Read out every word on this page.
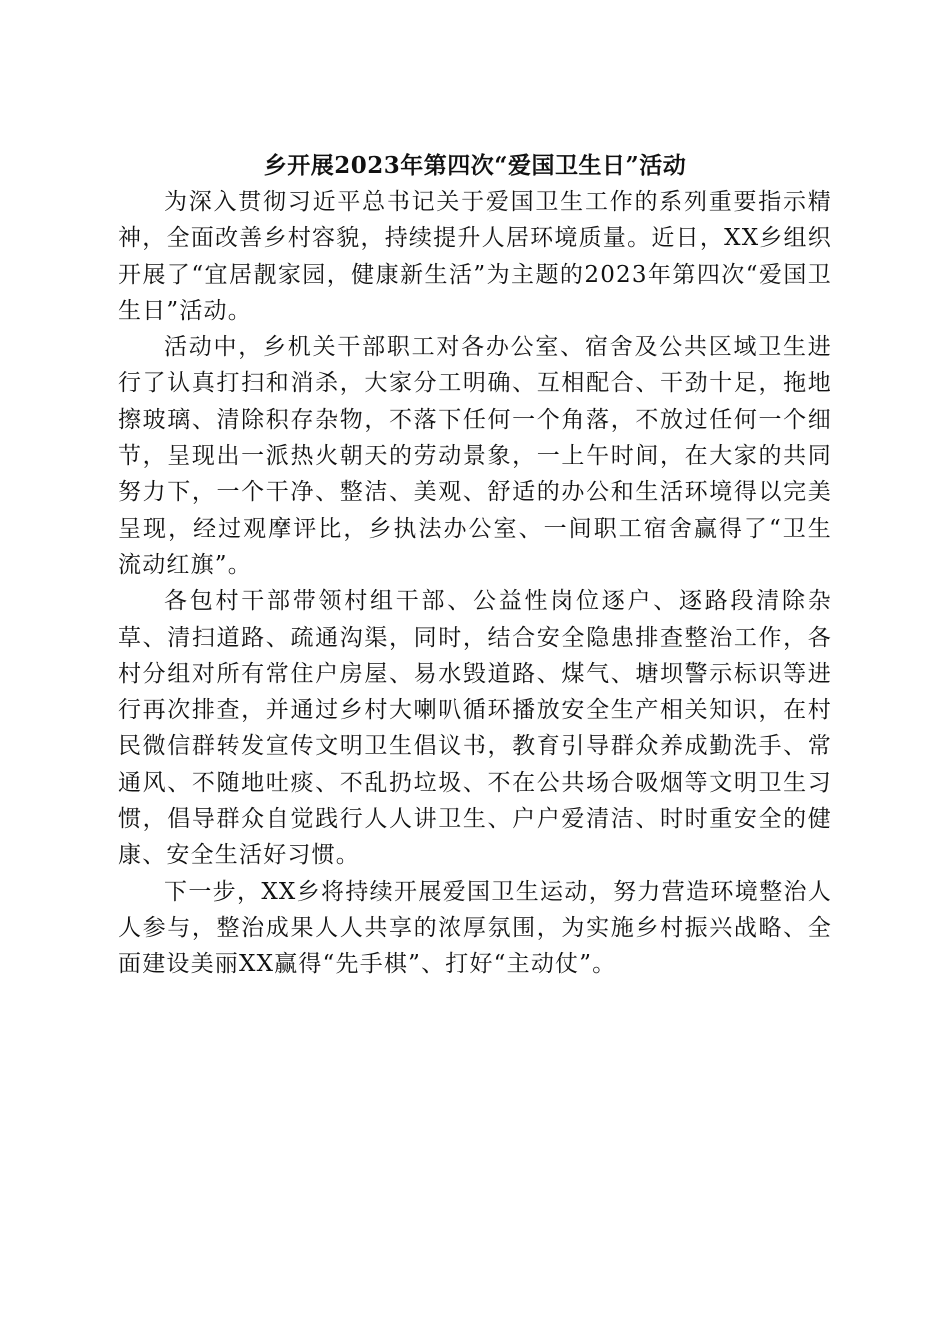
乡开展2023年第四次“爱国卫生日”活动

为深入贯彻习近平总书记关于爱国卫生工作的系列重要指示精神，全面改善乡村容貌，持续提升人居环境质量。近日，XX乡组织开展了“宜居靓家园，健康新生活”为主题的2023年第四次“爱国卫生日”活动。

活动中，乡机关干部职工对各办公室、宿舍及公共区域卫生进行了认真打扫和消杀，大家分工明确、互相配合、干劲十足，拖地擦玻璃、清除积存杂物，不落下任何一个角落，不放过任何一个细节，呈现出一派热火朝天的劳动景象，一上午时间，在大家的共同努力下，一个干净、整洁、美观、舒适的办公和生活环境得以完美呈现，经过观摩评比，乡执法办公室、一间职工宿舍赢得了“卫生流动红旗”。

各包村干部带领村组干部、公益性岗位逐户、逐路段清除杂草、清扫道路、疏通沟渠，同时，结合安全隐患排查整治工作，各村分组对所有常住户房屋、易水毁道路、煤气、塘坝警示标识等进行再次排查，并通过乡村大喇叭循环播放安全生产相关知识，在村民微信群转发宣传文明卫生倡议书，教育引导群众养成勤洗手、常通风、不随地吐痰、不乱扔垃圾、不在公共场合吸烟等文明卫生习惯，倡导群众自觉践行人人讲卫生、户户爱清洁、时时重安全的健康、安全生活好习惯。

下一步，XX乡将持续开展爱国卫生运动，努力营造环境整治人人参与，整治成果人人共享的浓厚氛围，为实施乡村振兴战略、全面建设美丽XX赢得“先手棋”、打好“主动仗”。
